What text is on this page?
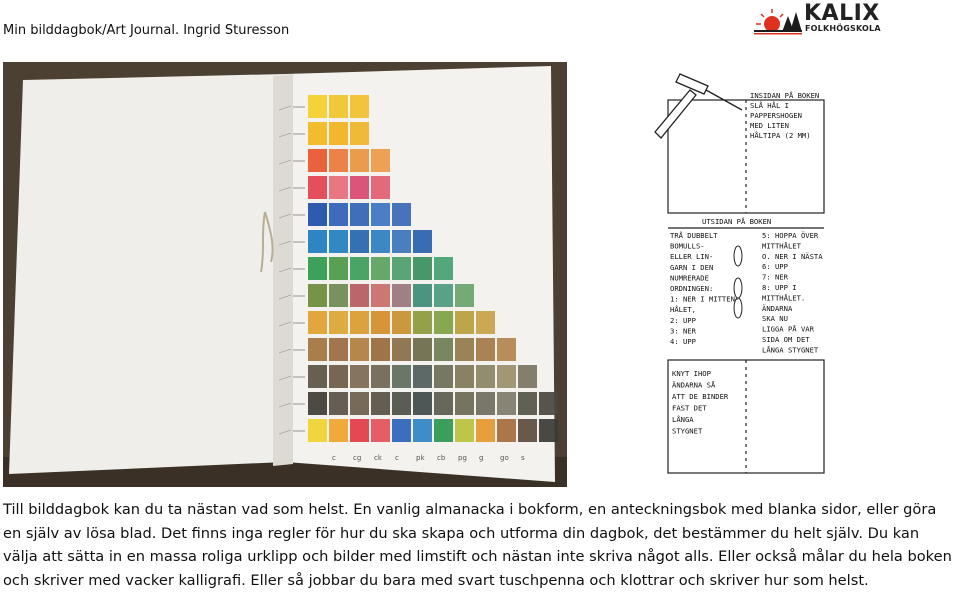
Min bilddagbok/Art Journal. Ingrid Sturesson
KALIX
FOLKHÖGSKOLA
c cg ck c pk cb pg g go s
INSIDAN PÅ BOKEN
SLÅ HÅL I
PAPPERSHOGEN
MED LITEN
HÅLTIPA (2 MM)
UTSIDAN PÅ BOKEN
TRÅ DUBBELT
BOMULLS-
ELLER LIN-
GARN I DEN
NUMRERADE
ORDNINGEN:
1: NER I MITTEN-
HÅLET,
2: UPP
3: NER
4: UPP
5: HOPPA ÖVER
MITTHÅLET
O. NER I NÄSTA
6: UPP
7: NER
8: UPP I
MITTHÅLET.
ÄNDARNA
SKA NU
LIGGA PÅ VAR
SIDA OM DET
LÅNGA STYGNET
KNYT IHOP
ÄNDARNA SÅ
ATT DE BINDER
FAST DET
LÅNGA
STYGNET
Till bilddagbok kan du ta nästan vad som helst. En vanlig almanacka i bokform, en anteckningsbok med blanka sidor, eller göra en själv av lösa blad. Det finns inga regler för hur du ska skapa och utforma din dagbok, det bestämmer du helt själv. Du kan välja att sätta in en massa roliga urklipp och bilder med limstift och nästan inte skriva något alls. Eller också målar du hela boken och skriver med vacker kalligrafi. Eller så jobbar du bara med svart tuschpenna och klottrar och skriver hur som helst.
